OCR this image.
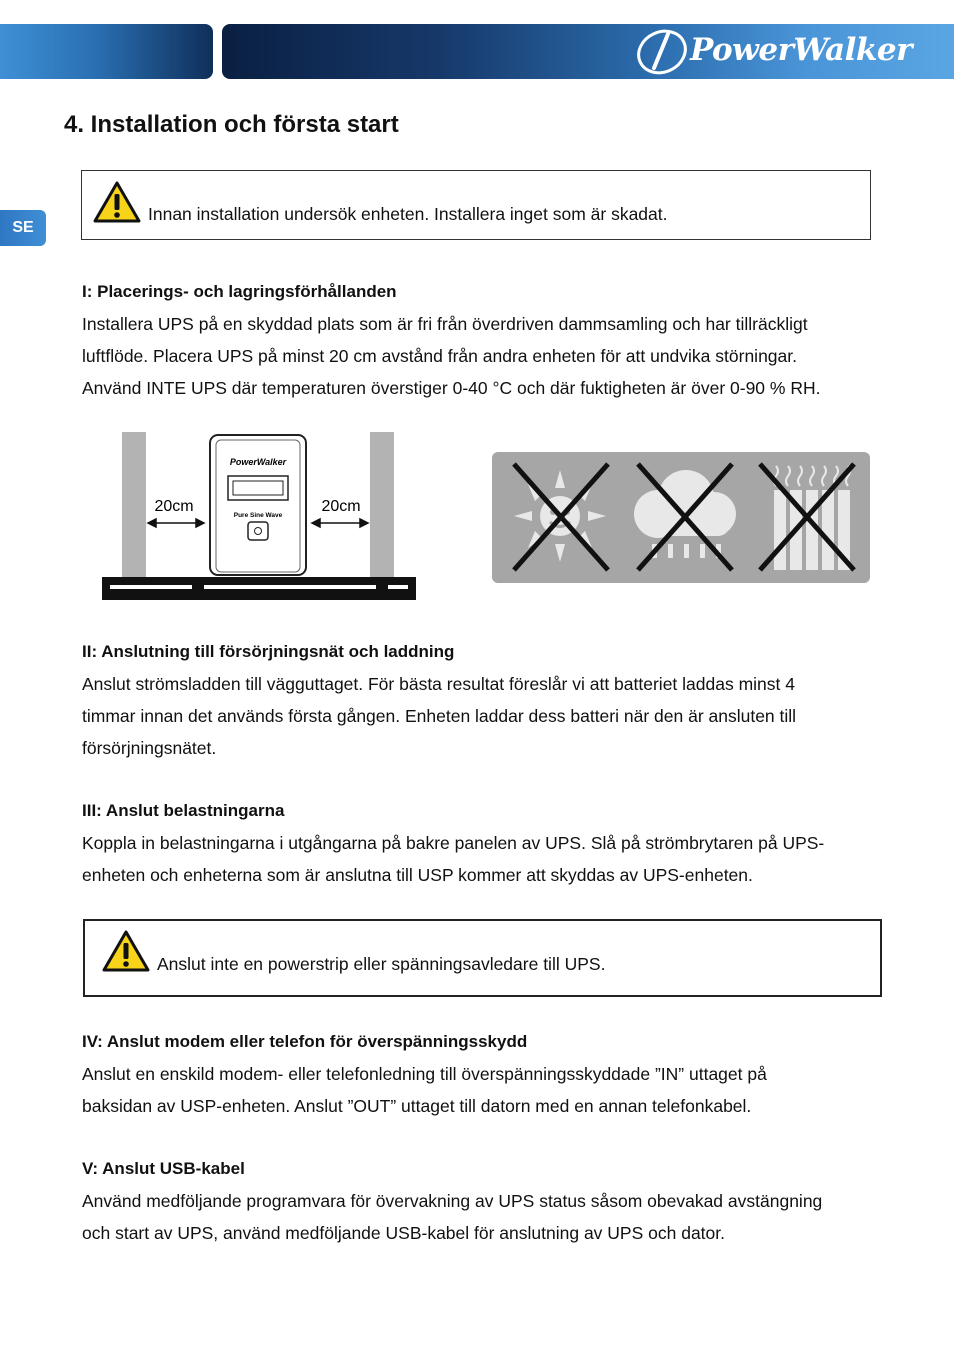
PowerWalker
SE
4. Installation och första start
Innan installation undersök enheten. Installera inget som är skadat.
I: Placerings- och lagringsförhållanden
Installera UPS på en skyddad plats som är fri från överdriven dammsamling och har tillräckligt
luftflöde. Placera UPS på minst 20 cm avstånd från andra enheten för att undvika störningar.
Använd INTE UPS där temperaturen överstiger 0-40 °C och där fuktigheten är över 0-90 % RH.
PowerWalker
Pure Sine Wave
20cm	20cm
II: Anslutning till försörjningsnät och laddning
Anslut strömsladden till vägguttaget. För bästa resultat föreslår vi att batteriet laddas minst 4
timmar innan det används första gången. Enheten laddar dess batteri när den är ansluten till
försörjningsnätet.
III: Anslut belastningarna
Koppla in belastningarna i utgångarna på bakre panelen av UPS. Slå på strömbrytaren på UPS-
enheten och enheterna som är anslutna till USP kommer att skyddas av UPS-enheten.
Anslut inte en powerstrip eller spänningsavledare till UPS.
IV: Anslut modem eller telefon för överspänningsskydd
Anslut en enskild modem- eller telefonledning till överspänningsskyddade ”IN” uttaget på
baksidan av USP-enheten. Anslut ”OUT” uttaget till datorn med en annan telefonkabel.
V: Anslut USB-kabel
Använd medföljande programvara för övervakning av UPS status såsom obevakad avstängning
och start av UPS, använd medföljande USB-kabel för anslutning av UPS och dator.
